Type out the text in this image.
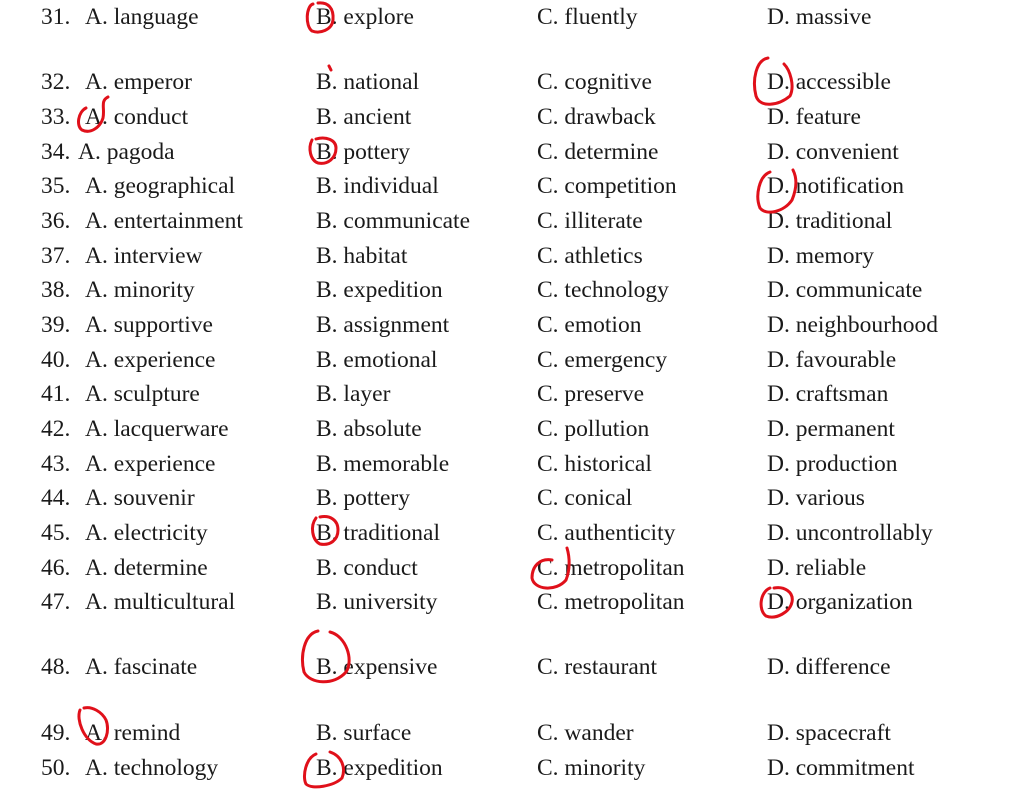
31. A. language	B. explore	C. fluently	D. massive
32. A. emperor	B. national	C. cognitive	D. accessible
33. A. conduct	B. ancient	C. drawback	D. feature
34. A. pagoda	B. pottery	C. determine	D. convenient
35. A. geographical	B. individual	C. competition	D. notification
36. A. entertainment	B. communicate	C. illiterate	D. traditional
37. A. interview	B. habitat	C. athletics	D. memory
38. A. minority	B. expedition	C. technology	D. communicate
39. A. supportive	B. assignment	C. emotion	D. neighbourhood
40. A. experience	B. emotional	C. emergency	D. favourable
41. A. sculpture	B. layer	C. preserve	D. craftsman
42. A. lacquerware	B. absolute	C. pollution	D. permanent
43. A. experience	B. memorable	C. historical	D. production
44. A. souvenir	B. pottery	C. conical	D. various
45. A. electricity	B. traditional	C. authenticity	D. uncontrollably
46. A. determine	B. conduct	C. metropolitan	D. reliable
47. A. multicultural	B. university	C. metropolitan	D. organization
48. A. fascinate	B. expensive	C. restaurant	D. difference
49. A. remind	B. surface	C. wander	D. spacecraft
50. A. technology	B. expedition	C. minority	D. commitment
